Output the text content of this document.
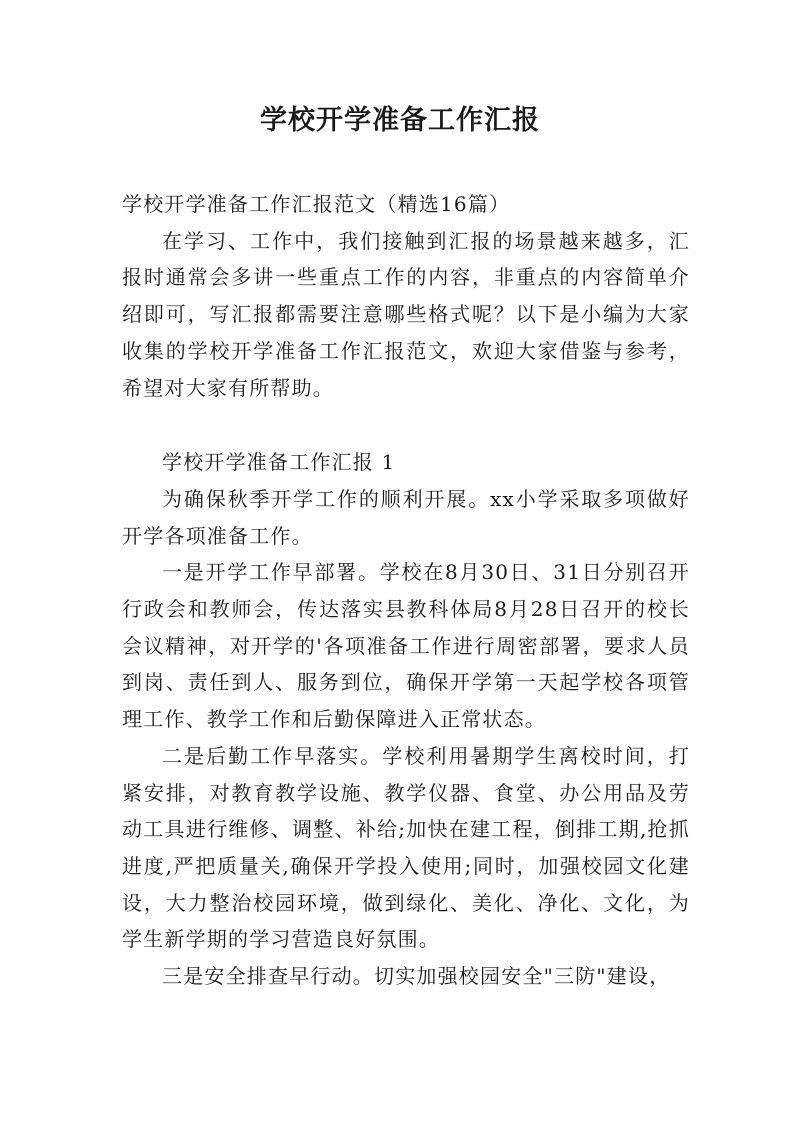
学校开学准备工作汇报

学校开学准备工作汇报范文（精选16篇）

在学习、工作中，我们接触到汇报的场景越来越多，汇报时通常会多讲一些重点工作的内容，非重点的内容简单介绍即可，写汇报都需要注意哪些格式呢？以下是小编为大家收集的学校开学准备工作汇报范文，欢迎大家借鉴与参考，希望对大家有所帮助。

学校开学准备工作汇报 1

为确保秋季开学工作的顺利开展。xx小学采取多项做好开学各项准备工作。

一是开学工作早部署。学校在8月30日、31日分别召开行政会和教师会，传达落实县教科体局8月28日召开的校长会议精神，对开学的'各项准备工作进行周密部署，要求人员到岗、责任到人、服务到位，确保开学第一天起学校各项管理工作、教学工作和后勤保障进入正常状态。

二是后勤工作早落实。学校利用暑期学生离校时间，打紧安排，对教育教学设施、教学仪器、食堂、办公用品及劳动工具进行维修、调整、补给;加快在建工程，倒排工期,抢抓进度,严把质量关,确保开学投入使用;同时，加强校园文化建设，大力整治校园环境，做到绿化、美化、净化、文化，为学生新学期的学习营造良好氛围。

三是安全排查早行动。切实加强校园安全"三防"建设，
